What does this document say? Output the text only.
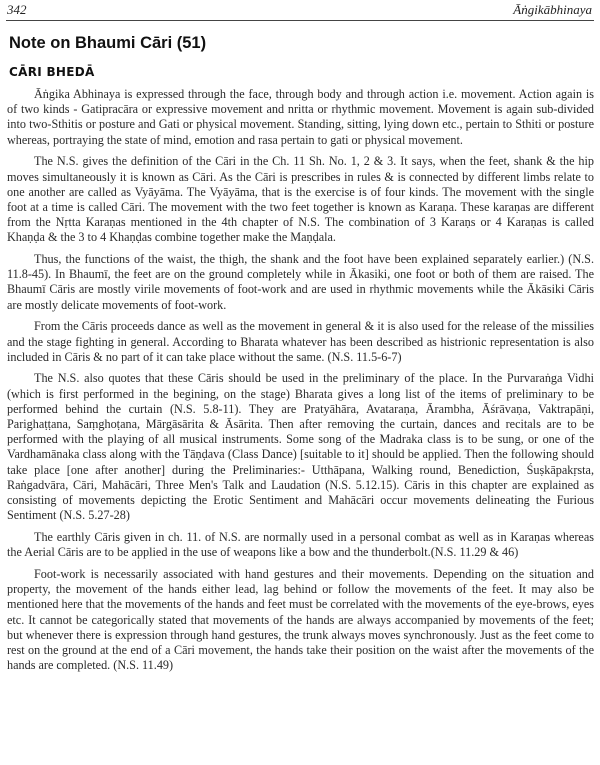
342	Āṅgikābhinaya
Note on Bhaumi Cāri (51)
CĀRI BHEDĀ

Āṅgika Abhinaya is expressed through the face, through body and through action i.e. movement. Action again is of two kinds - Gatipracāra or expressive movement and nritta or rhythmic movement. Movement is again sub-divided into two-Sthitis or posture and Gati or physical movement. Standing, sitting, lying down etc., pertain to Sthiti or posture whereas, portraying the state of mind, emotion and rasa pertain to gati or physical movement.

The N.S. gives the definition of the Cāri in the Ch. 11 Sh. No. 1, 2 & 3. It says, when the feet, shank & the hip moves simultaneously it is known as Cāri. As the Cāri is prescribes in rules & is connected by different limbs relate to one another are called as Vyāyāma. The Vyāyāma, that is the exercise is of four kinds. The movement with the single foot at a time is called Cāri. The movement with the two feet together is known as Karaṇa. These karaṇas are different from the Nṛtta Karaṇas mentioned in the 4th chapter of N.S. The combination of 3 Karaṇs or 4 Karaṇas is called Khaṇḍa & the 3 to 4 Khaṇḍas combine together make the Maṇḍala.

Thus, the functions of the waist, the thigh, the shank and the foot have been explained separately earlier.) (N.S. 11.8-45). In Bhaumī, the feet are on the ground completely while in Ākasiki, one foot or both of them are raised. The Bhaumī Cāris are mostly virile movements of foot-work and are used in rhythmic movements while the Ākāsiki Cāris are mostly delicate movements of foot-work.

From the Cāris proceeds dance as well as the movement in general & it is also used for the release of the missilies and the stage fighting in general. According to Bharata whatever has been described as histrionic representation is also included in Cāris & no part of it can take place without the same. (N.S. 11.5-6-7)

The N.S. also quotes that these Cāris should be used in the preliminary of the place. In the Purvaraṅga Vidhi (which is first performed in the begining, on the stage) Bharata gives a long list of the items of preliminary to be performed behind the curtain (N.S. 5.8-11). They are Pratyāhāra, Avataraṇa, Ārambha, Āśrāvaṇa, Vaktrapāṇi, Parighaṭṭana, Saṃghoṭana, Mārgāsārita & Āsārita. Then after removing the curtain, dances and recitals are to be performed with the playing of all musical instruments. Some song of the Madraka class is to be sung, or one of the Vardhamānaka class along with the Tāṇḍava (Class Dance) [suitable to it] should be applied. Then the following should take place [one after another] during the Preliminaries:- Utthāpana, Walking round, Benediction, Śuṣkāpakṛsta, Raṅgadvāra, Cāri, Mahācāri, Three Men's Talk and Laudation (N.S. 5.12.15). Cāris in this chapter are explained as consisting of movements depicting the Erotic Sentiment and Mahācāri occur movements delineating the Furious Sentiment (N.S. 5.27-28)

The earthly Cāris given in ch. 11. of N.S. are normally used in a personal combat as well as in Karaṇas whereas the Aerial Cāris are to be applied in the use of weapons like a bow and the thunderbolt.(N.S. 11.29 & 46)

Foot-work is necessarily associated with hand gestures and their movements. Depending on the situation and property, the movement of the hands either lead, lag behind or follow the movements of the feet. It may also be mentioned here that the movements of the hands and feet must be correlated with the movements of the eye-brows, eyes etc. It cannot be categorically stated that movements of the hands are always accompanied by movements of the feet; but whenever there is expression through hand gestures, the trunk always moves synchronously. Just as the feet come to rest on the ground at the end of a Cāri movement, the hands take their position on the waist after the movements of the hands are completed. (N.S. 11.49)
